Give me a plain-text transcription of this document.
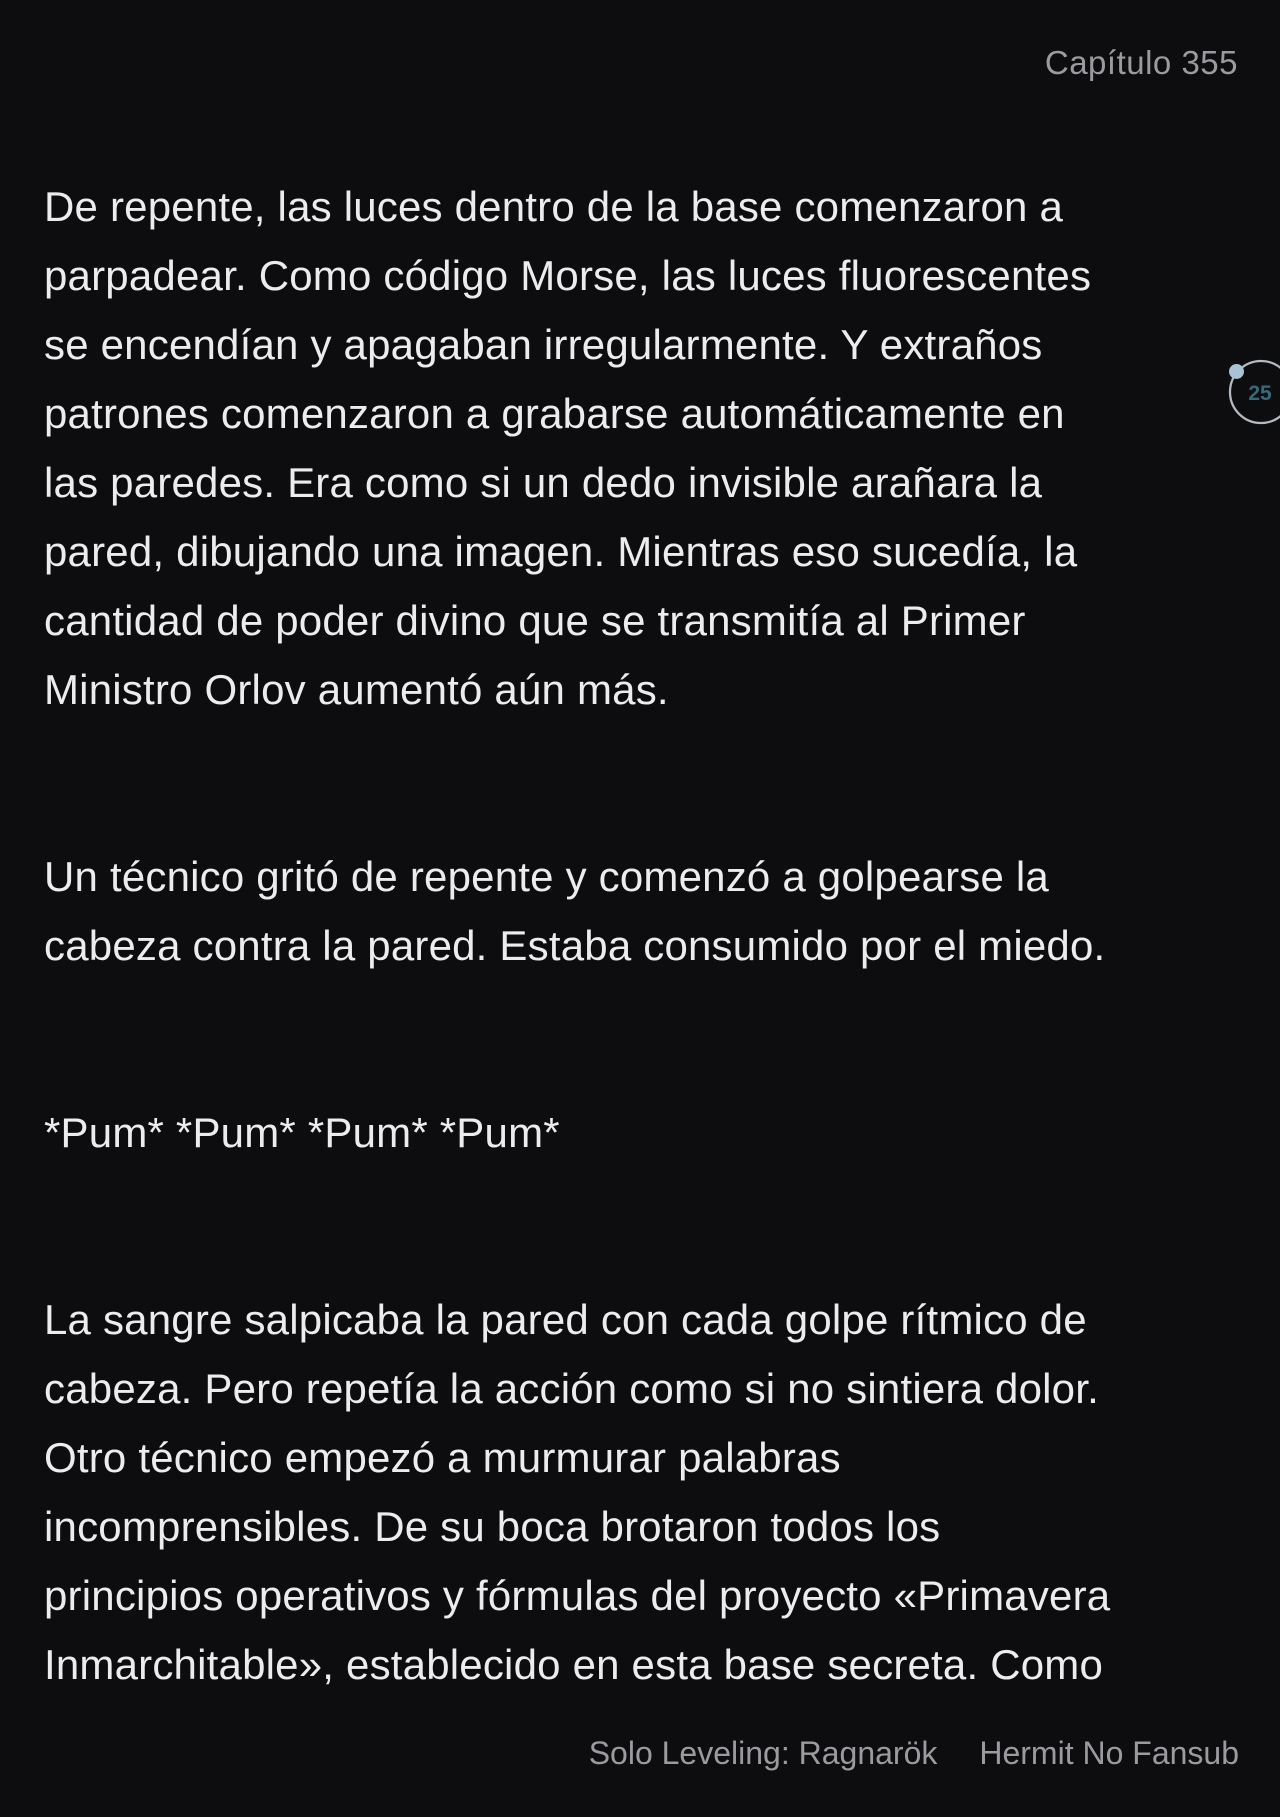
Capítulo 355
De repente, las luces dentro de la base comenzaron a
parpadear. Como código Morse, las luces fluorescentes
se encendían y apagaban irregularmente. Y extraños
patrones comenzaron a grabarse automáticamente en
las paredes. Era como si un dedo invisible arañara la
pared, dibujando una imagen. Mientras eso sucedía, la
cantidad de poder divino que se transmitía al Primer
Ministro Orlov aumentó aún más.
Un técnico gritó de repente y comenzó a golpearse la
cabeza contra la pared. Estaba consumido por el miedo.
*Pum* *Pum* *Pum* *Pum*
La sangre salpicaba la pared con cada golpe rítmico de
cabeza. Pero repetía la acción como si no sintiera dolor.
Otro técnico empezó a murmurar palabras
incomprensibles. De su boca brotaron todos los
principios operativos y fórmulas del proyecto «Primavera
Inmarchitable», establecido en esta base secreta. Como
25
Solo Leveling: Ragnarök Hermit No Fansub
